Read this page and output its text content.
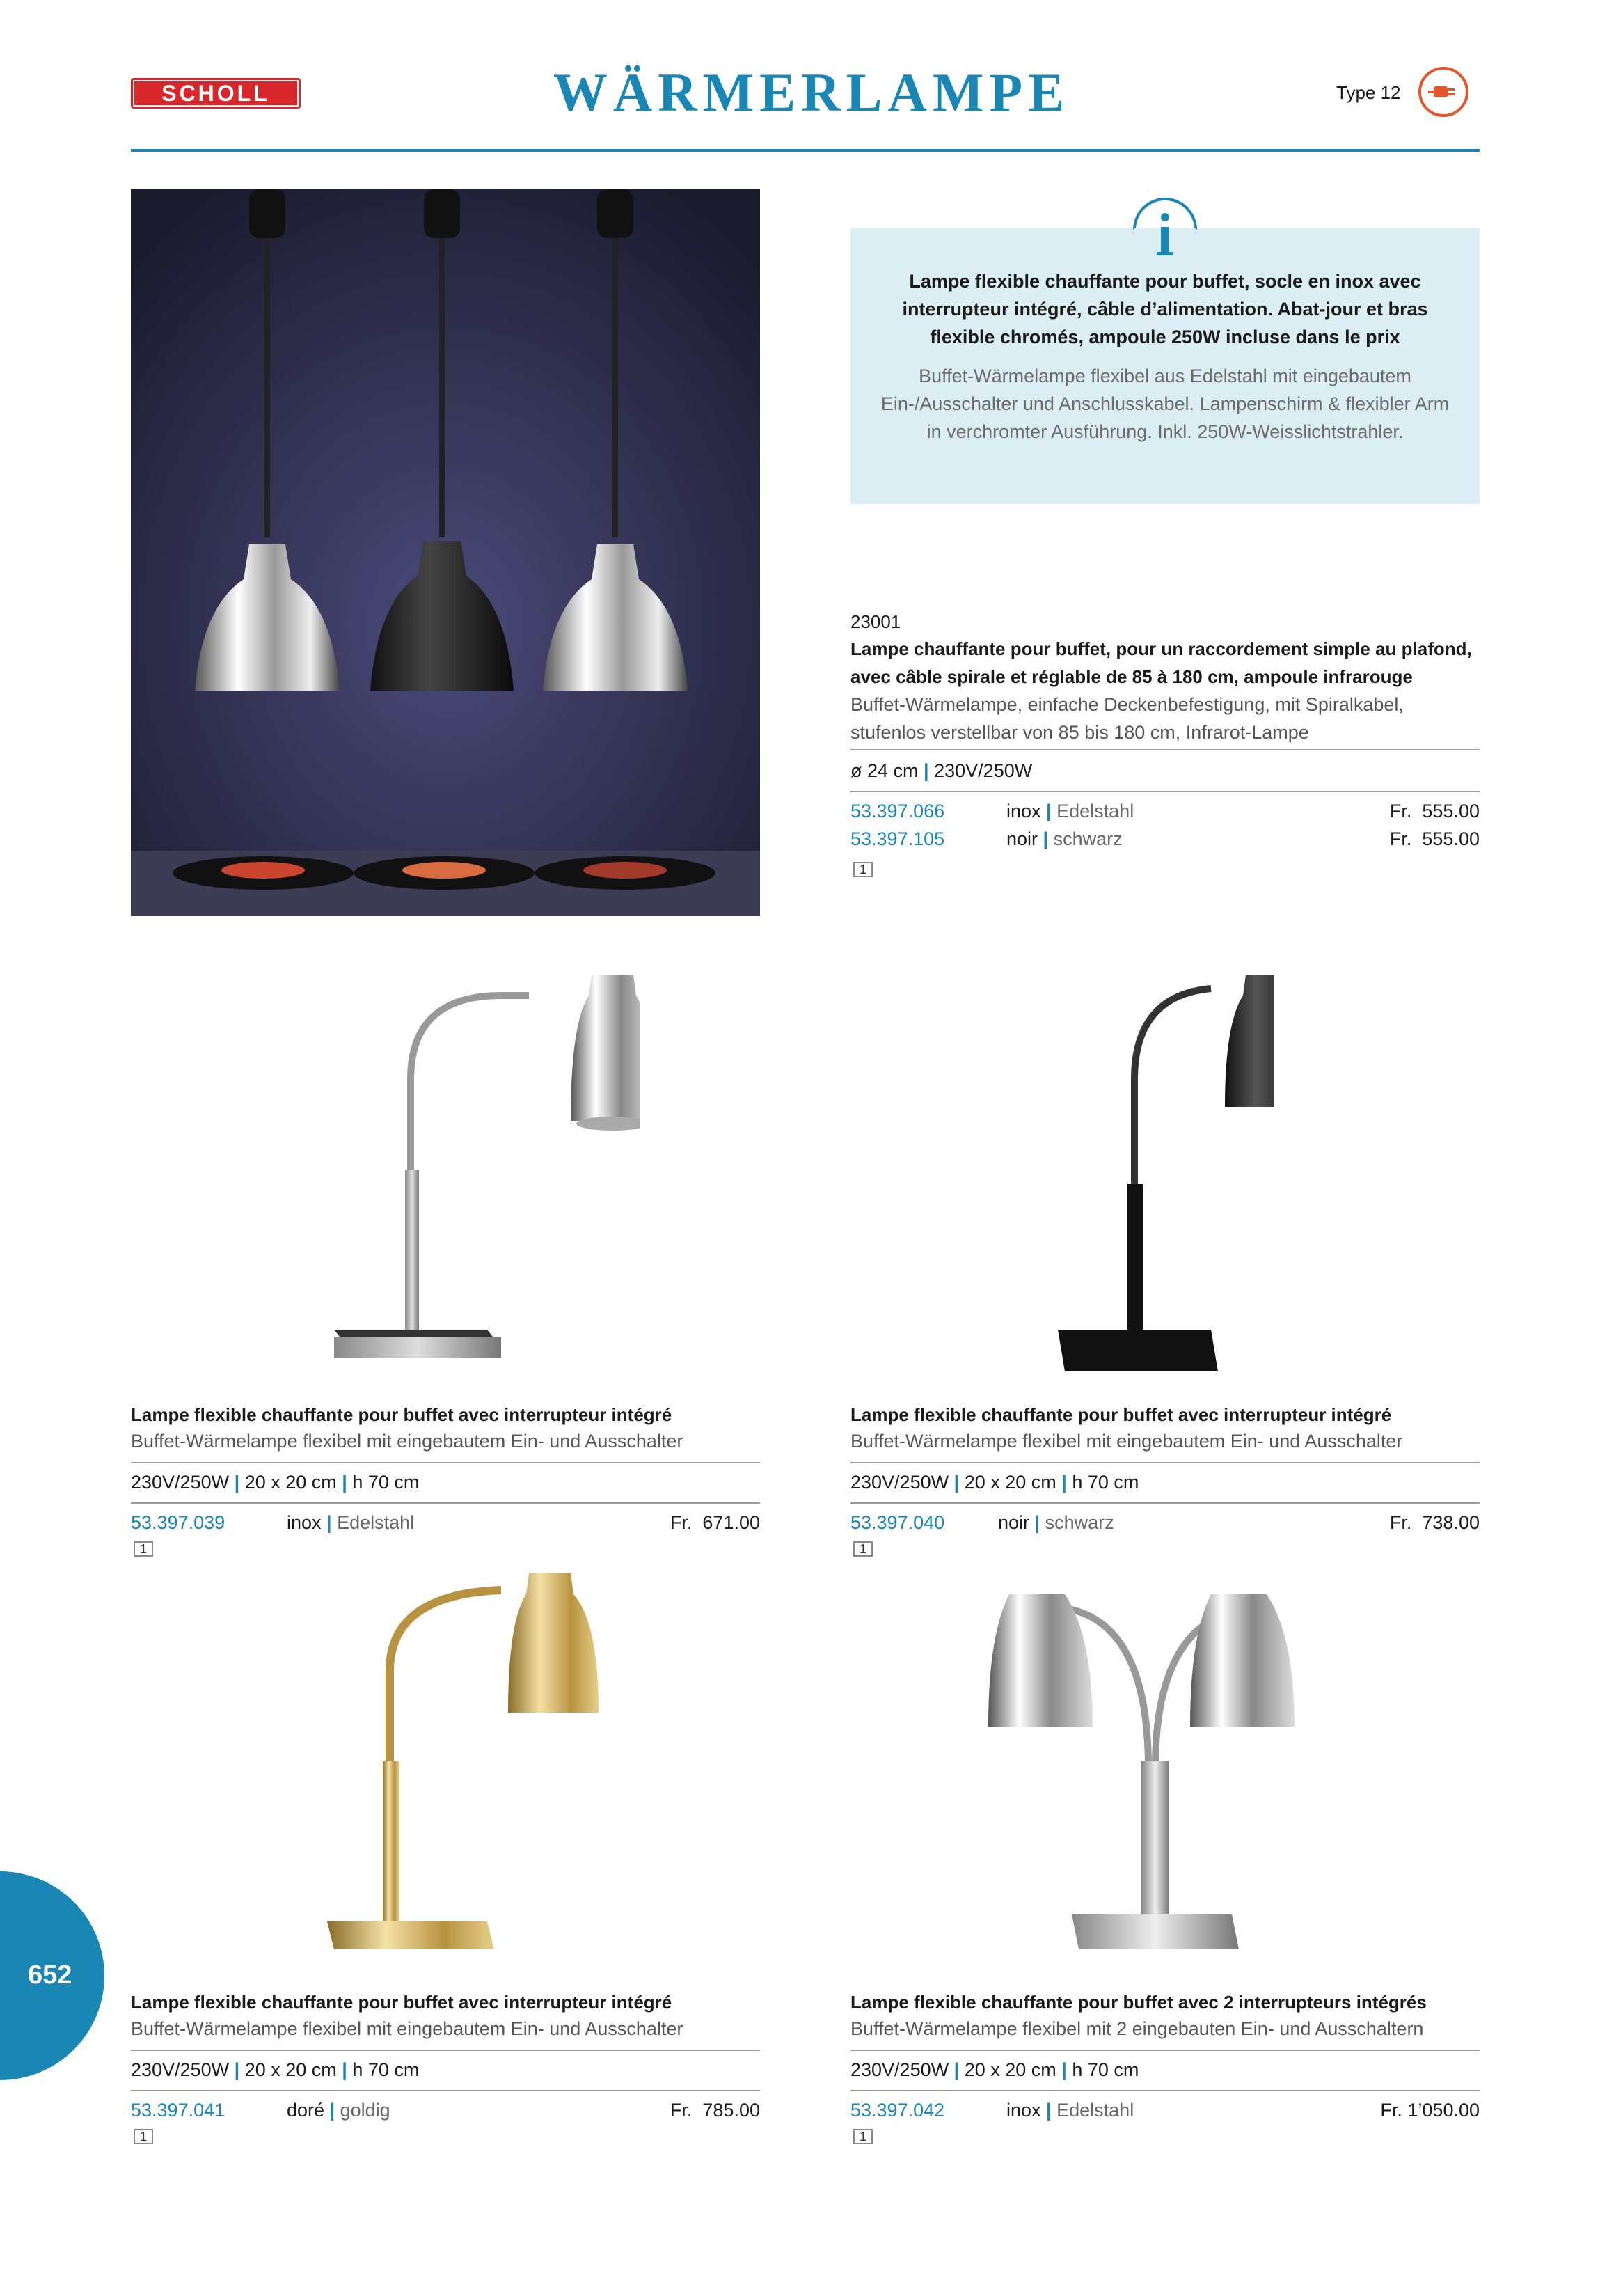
SCHOLL	WÄRMERLAMPE	Type 12
Lampe flexible chauffante pour buffet, socle en inox avec interrupteur intégré, câble d’alimentation. Abat-jour et bras flexible chromés, ampoule 250W incluse dans le prix
Buffet-Wärmelampe flexibel aus Edelstahl mit eingebautem Ein-/Ausschalter und Anschlusskabel. Lampenschirm & flexibler Arm in verchromter Ausführung. Inkl. 250W-Weisslichtstrahler.
23001
Lampe chauffante pour buffet, pour un raccordement simple au plafond, avec câble spirale et réglable de 85 à 180 cm, ampoule infrarouge
Buffet-Wärmelampe, einfache Deckenbefestigung, mit Spiralkabel, stufenlos verstellbar von 85 bis 180 cm, Infrarot-Lampe
ø 24 cm | 230V/250W
53.397.066	inox | Edelstahl	Fr.  555.00
53.397.105	noir | schwarz	Fr.  555.00
1
Lampe flexible chauffante pour buffet avec interrupteur intégré
Buffet-Wärmelampe flexibel mit eingebautem Ein- und Ausschalter
230V/250W | 20 x 20 cm | h 70 cm
53.397.039	inox | Edelstahl	Fr.  671.00
1
Lampe flexible chauffante pour buffet avec interrupteur intégré
Buffet-Wärmelampe flexibel mit eingebautem Ein- und Ausschalter
230V/250W | 20 x 20 cm | h 70 cm
53.397.040	noir | schwarz	Fr.  738.00
1
Lampe flexible chauffante pour buffet avec interrupteur intégré
Buffet-Wärmelampe flexibel mit eingebautem Ein- und Ausschalter
230V/250W | 20 x 20 cm | h 70 cm
53.397.041	doré | goldig	Fr.  785.00
1
Lampe flexible chauffante pour buffet avec 2 interrupteurs intégrés
Buffet-Wärmelampe flexibel mit 2 eingebauten Ein- und Ausschaltern
230V/250W | 20 x 20 cm | h 70 cm
53.397.042	inox | Edelstahl	Fr. 1’050.00
1
652
